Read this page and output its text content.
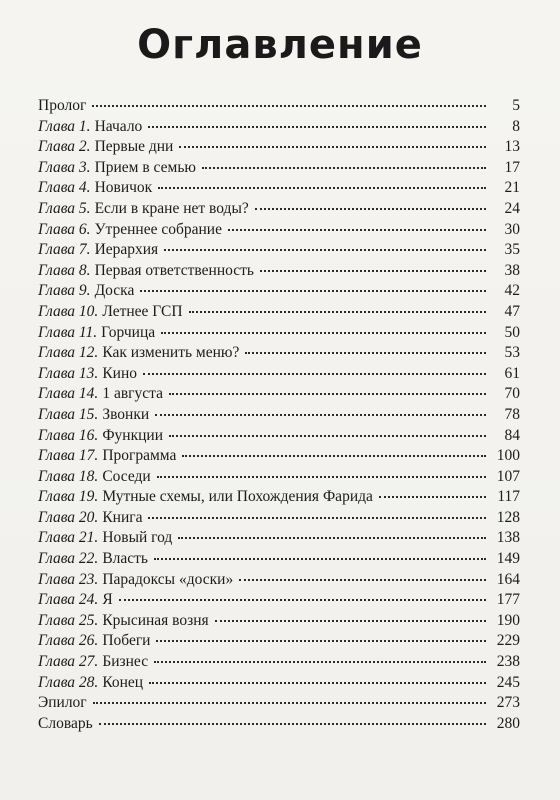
Оглавление
Пролог	5
Глава 1. Начало	8
Глава 2. Первые дни	13
Глава 3. Прием в семью	17
Глава 4. Новичок	21
Глава 5. Если в кране нет воды?	24
Глава 6. Утреннее собрание	30
Глава 7. Иерархия	35
Глава 8. Первая ответственность	38
Глава 9. Доска	42
Глава 10. Летнее ГСП	47
Глава 11. Горчица	50
Глава 12. Как изменить меню?	53
Глава 13. Кино	61
Глава 14. 1 августа	70
Глава 15. Звонки	78
Глава 16. Функции	84
Глава 17. Программа	100
Глава 18. Соседи	107
Глава 19. Мутные схемы, или Похождения Фарида	117
Глава 20. Книга	128
Глава 21. Новый год	138
Глава 22. Власть	149
Глава 23. Парадоксы «доски»	164
Глава 24. Я	177
Глава 25. Крысиная возня	190
Глава 26. Побеги	229
Глава 27. Бизнес	238
Глава 28. Конец	245
Эпилог	273
Словарь	280
